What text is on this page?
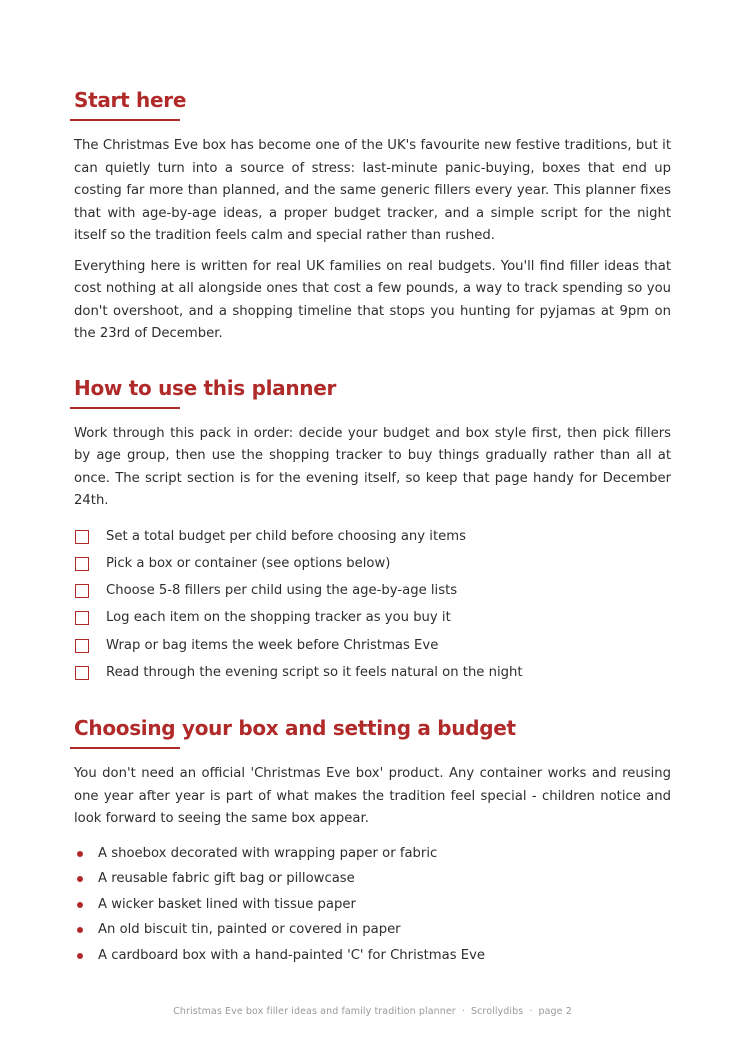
Start here

The Christmas Eve box has become one of the UK's favourite new festive traditions, but it can quietly turn into a source of stress: last-minute panic-buying, boxes that end up costing far more than planned, and the same generic fillers every year. This planner fixes that with age-by-age ideas, a proper budget tracker, and a simple script for the night itself so the tradition feels calm and special rather than rushed.

Everything here is written for real UK families on real budgets. You'll find filler ideas that cost nothing at all alongside ones that cost a few pounds, a way to track spending so you don't overshoot, and a shopping timeline that stops you hunting for pyjamas at 9pm on the 23rd of December.

How to use this planner

Work through this pack in order: decide your budget and box style first, then pick fillers by age group, then use the shopping tracker to buy things gradually rather than all at once. The script section is for the evening itself, so keep that page handy for December 24th.

Set a total budget per child before choosing any items
Pick a box or container (see options below)
Choose 5-8 fillers per child using the age-by-age lists
Log each item on the shopping tracker as you buy it
Wrap or bag items the week before Christmas Eve
Read through the evening script so it feels natural on the night
Choosing your box and setting a budget

You don't need an official 'Christmas Eve box' product. Any container works and reusing one year after year is part of what makes the tradition feel special - children notice and look forward to seeing the same box appear.

A shoebox decorated with wrapping paper or fabric
A reusable fabric gift bag or pillowcase
A wicker basket lined with tissue paper
An old biscuit tin, painted or covered in paper
A cardboard box with a hand-painted 'C' for Christmas Eve
Christmas Eve box filler ideas and family tradition planner · Scrollydibs · page 2
